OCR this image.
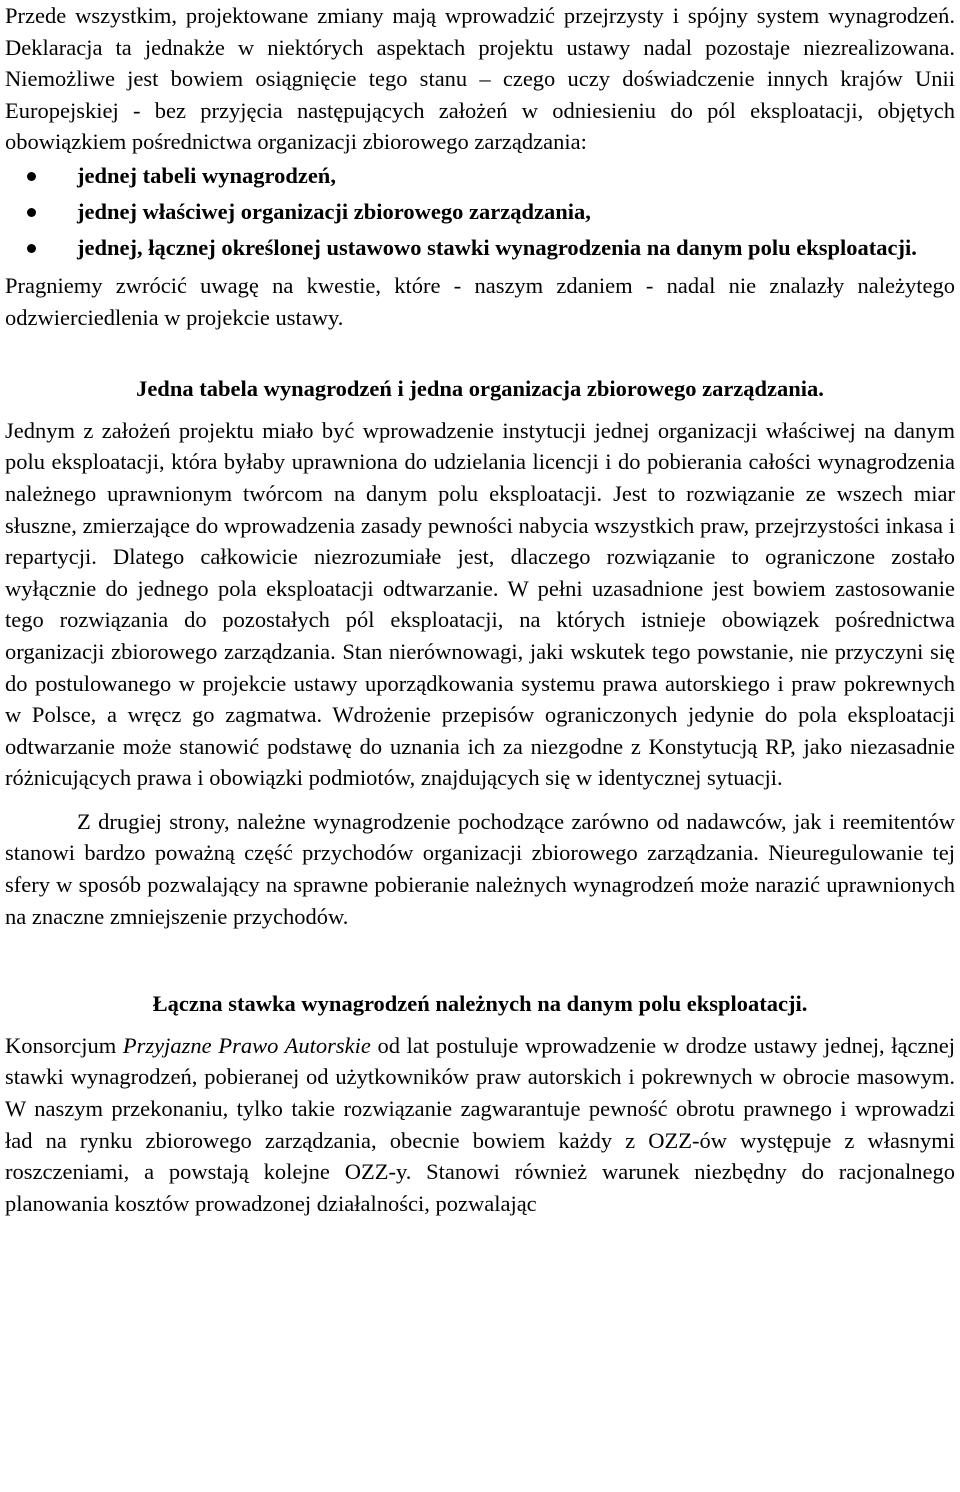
Przede wszystkim, projektowane zmiany mają wprowadzić przejrzysty i spójny system wynagrodzeń. Deklaracja ta jednakże w niektórych aspektach projektu ustawy nadal pozostaje niezrealizowana. Niemożliwe jest bowiem osiągnięcie tego stanu – czego uczy doświadczenie innych krajów Unii Europejskiej - bez przyjęcia następujących założeń w odniesieniu do pól eksploatacji, objętych obowiązkiem pośrednictwa organizacji zbiorowego zarządzania:

jednej tabeli wynagrodzeń,
jednej właściwej organizacji zbiorowego zarządzania,
jednej, łącznej określonej ustawowo stawki wynagrodzenia na danym polu eksploatacji.

Pragniemy zwrócić uwagę na kwestie, które - naszym zdaniem - nadal nie znalazły należytego odzwierciedlenia w projekcie ustawy.

Jedna tabela wynagrodzeń i jedna organizacja zbiorowego zarządzania.

Jednym z założeń projektu miało być wprowadzenie instytucji jednej organizacji właściwej na danym polu eksploatacji, która byłaby uprawniona do udzielania licencji i do pobierania całości wynagrodzenia należnego uprawnionym twórcom na danym polu eksploatacji. Jest to rozwiązanie ze wszech miar słuszne, zmierzające do wprowadzenia zasady pewności nabycia wszystkich praw, przejrzystości inkasa i repartycji. Dlatego całkowicie niezrozumiałe jest, dlaczego rozwiązanie to ograniczone zostało wyłącznie do jednego pola eksploatacji odtwarzanie. W pełni uzasadnione jest bowiem zastosowanie tego rozwiązania do pozostałych pól eksploatacji, na których istnieje obowiązek pośrednictwa organizacji zbiorowego zarządzania. Stan nierównowagi, jaki wskutek tego powstanie, nie przyczyni się do postulowanego w projekcie ustawy uporządkowania systemu prawa autorskiego i praw pokrewnych w Polsce, a wręcz go zagmatwa. Wdrożenie przepisów ograniczonych jedynie do pola eksploatacji odtwarzanie może stanowić podstawę do uznania ich za niezgodne z Konstytucją RP, jako niezasadnie różnicujących prawa i obowiązki podmiotów, znajdujących się w identycznej sytuacji.

Z drugiej strony, należne wynagrodzenie pochodzące zarówno od nadawców, jak i reemitentów stanowi bardzo poważną część przychodów organizacji zbiorowego zarządzania. Nieuregulowanie tej sfery w sposób pozwalający na sprawne pobieranie należnych wynagrodzeń może narazić uprawnionych na znaczne zmniejszenie przychodów.

Łączna stawka wynagrodzeń należnych na danym polu eksploatacji.

Konsorcjum Przyjazne Prawo Autorskie od lat postuluje wprowadzenie w drodze ustawy jednej, łącznej stawki wynagrodzeń, pobieranej od użytkowników praw autorskich i pokrewnych w obrocie masowym. W naszym przekonaniu, tylko takie rozwiązanie zagwarantuje pewność obrotu prawnego i wprowadzi ład na rynku zbiorowego zarządzania, obecnie bowiem każdy z OZZ-ów występuje z własnymi roszczeniami, a powstają kolejne OZZ-y. Stanowi również warunek niezbędny do racjonalnego planowania kosztów prowadzonej działalności, pozwalając
